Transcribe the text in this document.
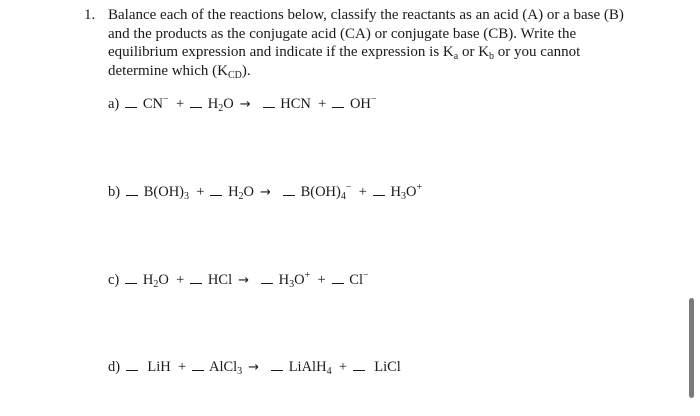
1. Balance each of the reactions below, classify the reactants as an acid (A) or a base (B) and the products as the conjugate acid (CA) or conjugate base (CB). Write the equilibrium expression and indicate if the expression is $K_a$ or $K_b$ or you cannot determine which $(K_{CD})$.
a) $CN^- + H_2O$ → HCN + OH−
b) $B(OH)_3 + H_2O \to B(OH)_4^- + H_3O^+$
c) $H_2O$ + HCl → $H_3O^+ + Cl^-$
d) LiH + AlCl$_3$ → LiAlH$_4$ + LiCl
